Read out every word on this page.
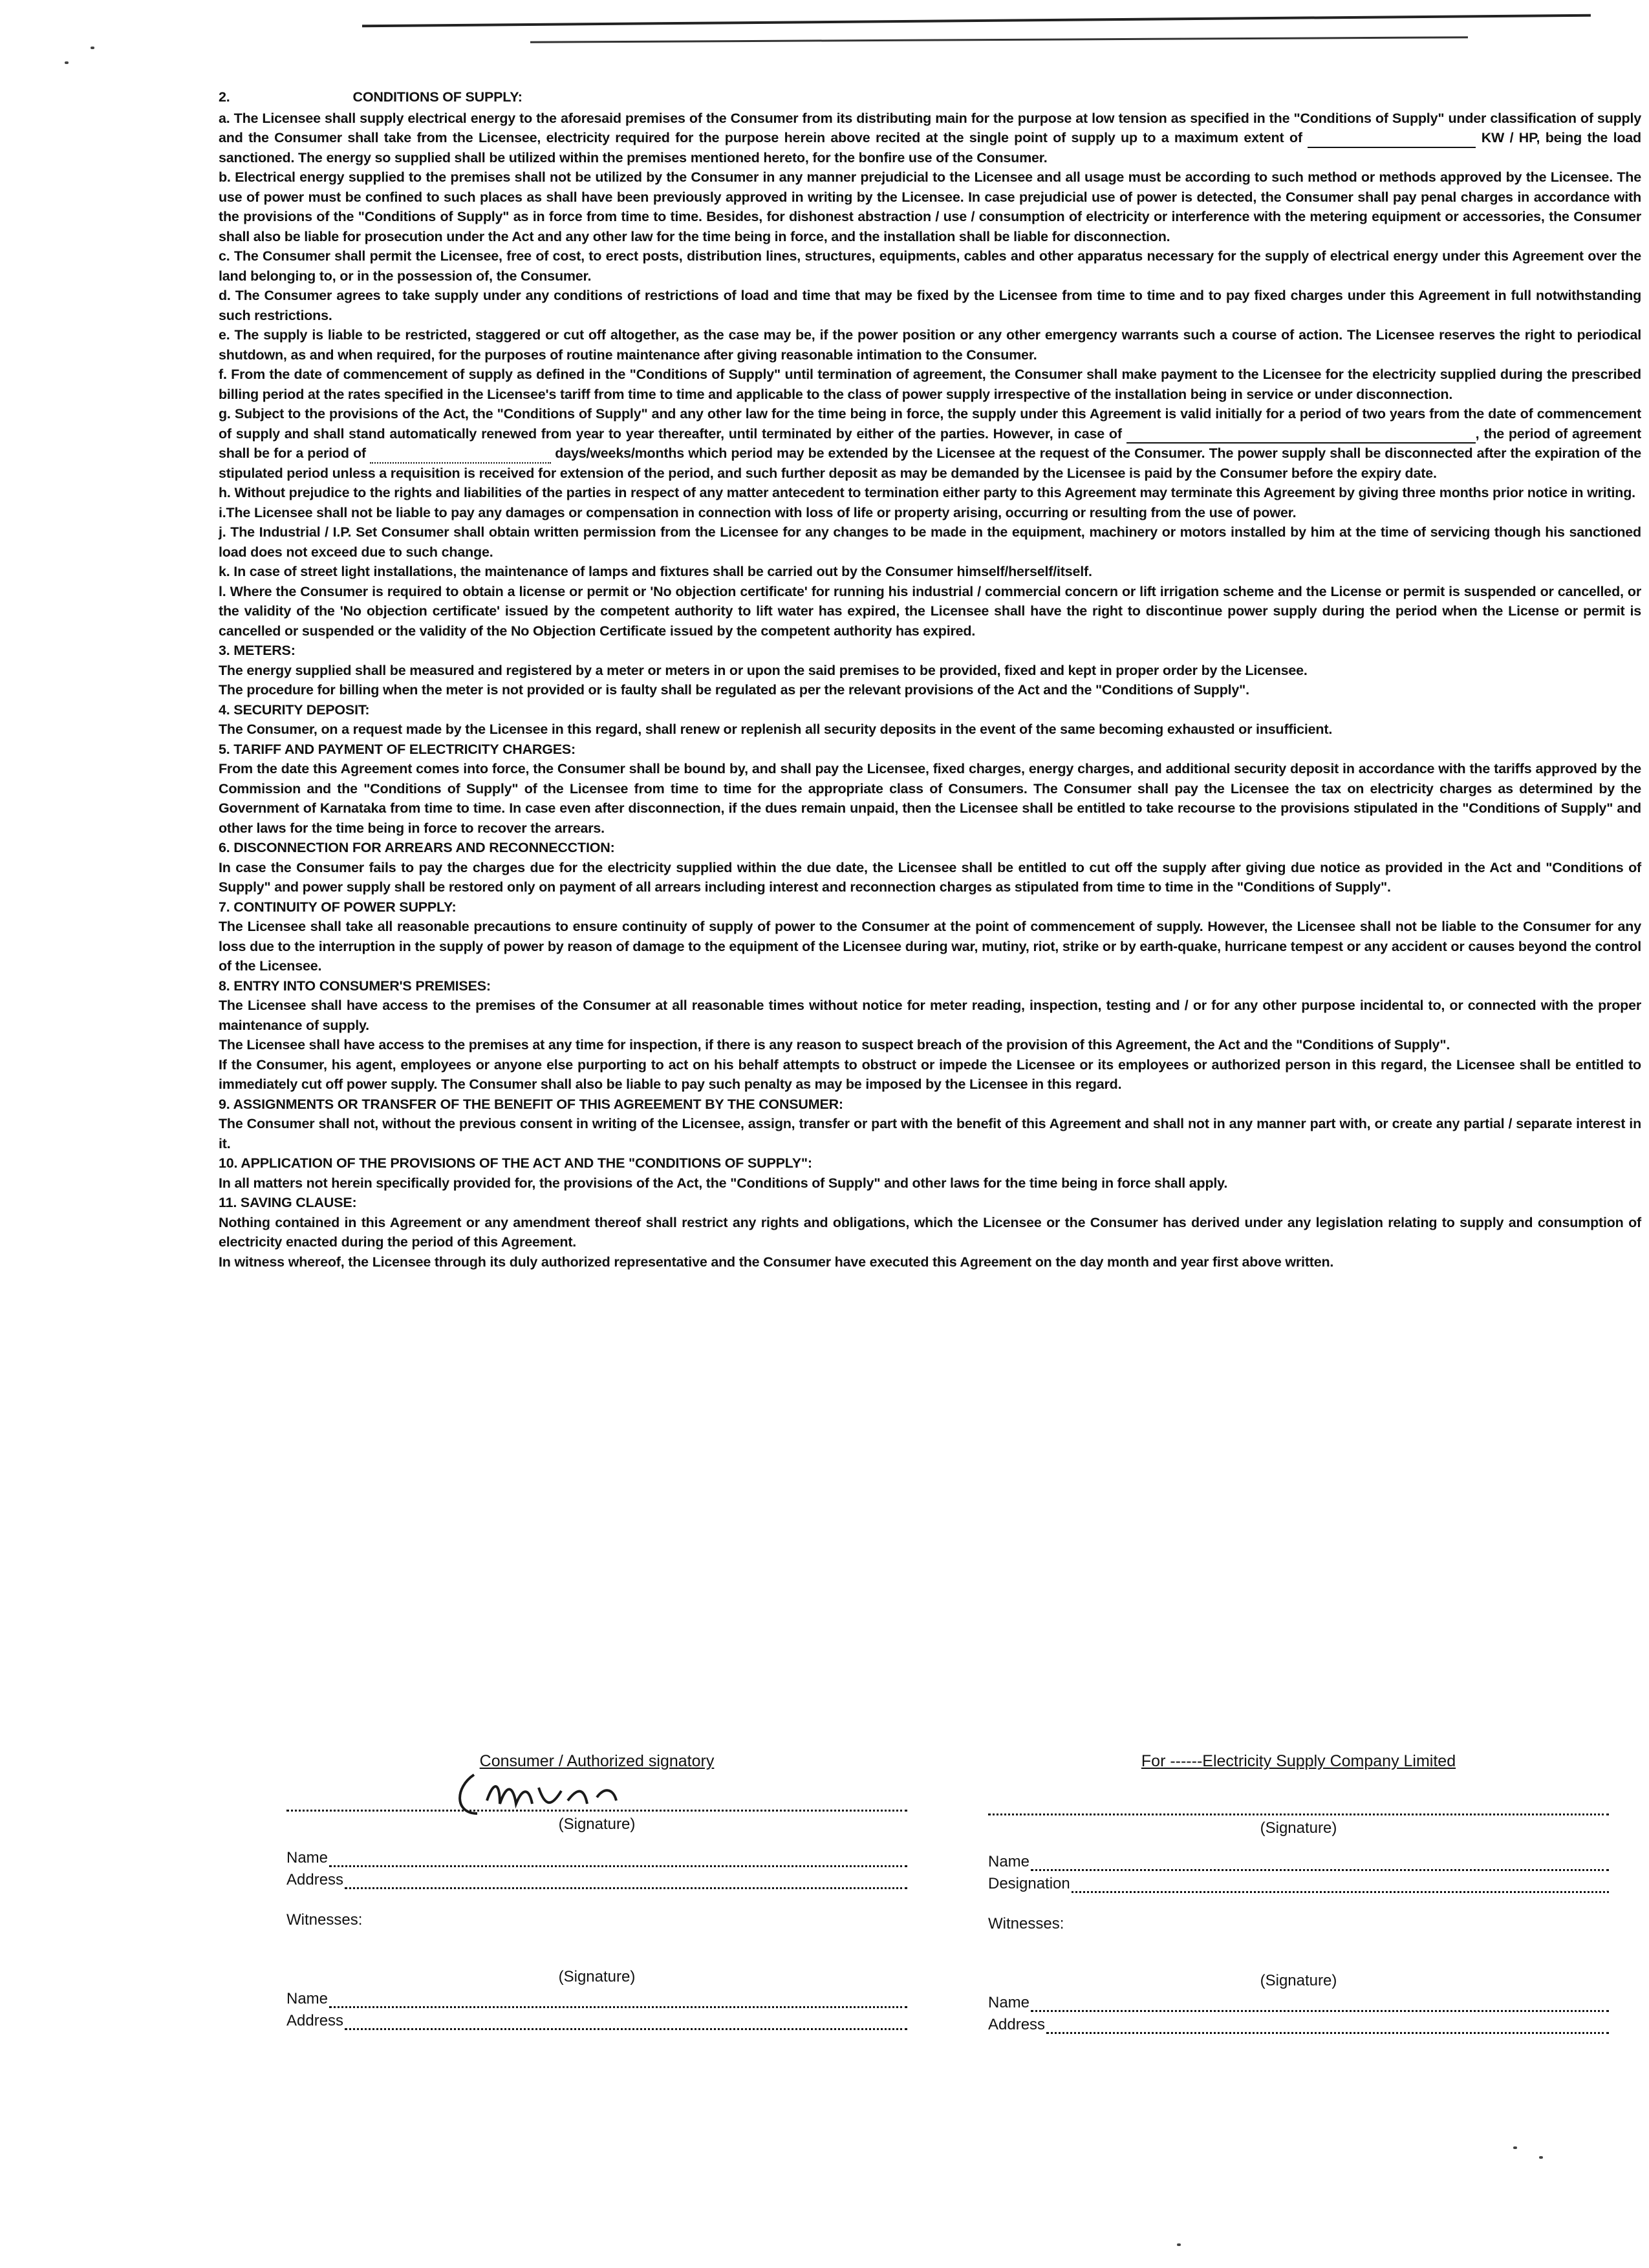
2.	CONDITIONS OF SUPPLY:

a. The Licensee shall supply electrical energy to the aforesaid premises of the Consumer from its distributing main for the purpose at low tension as specified in the "Conditions of Supply" under classification of supply and the Consumer shall take from the Licensee, electricity required for the purpose herein above recited at the single point of supply up to a maximum extent of	KW / HP, being the load sanctioned. The energy so supplied shall be utilized within the premises mentioned hereto, for the bonfire use of the Consumer.

b. Electrical energy supplied to the premises shall not be utilized by the Consumer in any manner prejudicial to the Licensee and all usage must be according to such method or methods approved by the Licensee. The use of power must be confined to such places as shall have been previously approved in writing by the Licensee. In case prejudicial use of power is detected, the Consumer shall pay penal charges in accordance with the provisions of the "Conditions of Supply" as in force from time to time. Besides, for dishonest abstraction / use / consumption of electricity or interference with the metering equipment or accessories, the Consumer shall also be liable for prosecution under the Act and any other law for the time being in force, and the installation shall be liable for disconnection.

c. The Consumer shall permit the Licensee, free of cost, to erect posts, distribution lines, structures, equipments, cables and other apparatus necessary for the supply of electrical energy under this Agreement over the land belonging to, or in the possession of, the Consumer.

d. The Consumer agrees to take supply under any conditions of restrictions of load and time that may be fixed by the Licensee from time to time and to pay fixed charges under this Agreement in full notwithstanding such restrictions.

e. The supply is liable to be restricted, staggered or cut off altogether, as the case may be, if the power position or any other emergency warrants such a course of action. The Licensee reserves the right to periodical shutdown, as and when required, for the purposes of routine maintenance after giving reasonable intimation to the Consumer.

f. From the date of commencement of supply as defined in the "Conditions of Supply" until termination of agreement, the Consumer shall make payment to the Licensee for the electricity supplied during the prescribed billing period at the rates specified in the Licensee's tariff from time to time and applicable to the class of power supply irrespective of the installation being in service or under disconnection.

g. Subject to the provisions of the Act, the "Conditions of Supply" and any other law for the time being in force, the supply under this Agreement is valid initially for a period of two years from the date of commencement of supply and shall stand automatically renewed from year to year thereafter, until terminated by either of the parties. However, in case of	, the period of agreement shall be for a period of	days/weeks/months which period may be extended by the Licensee at the request of the Consumer. The power supply shall be disconnected after the expiration of the stipulated period unless a requisition is received for extension of the period, and such further deposit as may be demanded by the Licensee is paid by the Consumer before the expiry date.

h. Without prejudice to the rights and liabilities of the parties in respect of any matter antecedent to termination either party to this Agreement may terminate this Agreement by giving three months prior notice in writing.

i.The Licensee shall not be liable to pay any damages or compensation in connection with loss of life or property arising, occurring or resulting from the use of power.

j. The Industrial / I.P. Set Consumer shall obtain written permission from the Licensee for any changes to be made in the equipment, machinery or motors installed by him at the time of servicing though his sanctioned load does not exceed due to such change.

k. In case of street light installations, the maintenance of lamps and fixtures shall be carried out by the Consumer himself/herself/itself.

l. Where the Consumer is required to obtain a license or permit or 'No objection certificate' for running his industrial / commercial concern or lift irrigation scheme and the License or permit is suspended or cancelled, or the validity of the 'No objection certificate' issued by the competent authority to lift water has expired, the Licensee shall have the right to discontinue power supply during the period when the License or permit is cancelled or suspended or the validity of the No Objection Certificate issued by the competent authority has expired.

3. METERS:

The energy supplied shall be measured and registered by a meter or meters in or upon the said premises to be provided, fixed and kept in proper order by the Licensee.

The procedure for billing when the meter is not provided or is faulty shall be regulated as per the relevant provisions of the Act and the "Conditions of Supply".

4. SECURITY DEPOSIT:

The Consumer, on a request made by the Licensee in this regard, shall renew or replenish all security deposits in the event of the same becoming exhausted or insufficient.

5. TARIFF AND PAYMENT OF ELECTRICITY CHARGES:

From the date this Agreement comes into force, the Consumer shall be bound by, and shall pay the Licensee, fixed charges, energy charges, and additional security deposit in accordance with the tariffs approved by the Commission and the "Conditions of Supply" of the Licensee from time to time for the appropriate class of Consumers. The Consumer shall pay the Licensee the tax on electricity charges as determined by the Government of Karnataka from time to time. In case even after disconnection, if the dues remain unpaid, then the Licensee shall be entitled to take recourse to the provisions stipulated in the "Conditions of Supply" and other laws for the time being in force to recover the arrears.

6. DISCONNECTION FOR ARREARS AND RECONNECCTION:

In case the Consumer fails to pay the charges due for the electricity supplied within the due date, the Licensee shall be entitled to cut off the supply after giving due notice as provided in the Act and "Conditions of Supply" and power supply shall be restored only on payment of all arrears including interest and reconnection charges as stipulated from time to time in the "Conditions of Supply".

7. CONTINUITY OF POWER SUPPLY:

The Licensee shall take all reasonable precautions to ensure continuity of supply of power to the Consumer at the point of commencement of supply. However, the Licensee shall not be liable to the Consumer for any loss due to the interruption in the supply of power by reason of damage to the equipment of the Licensee during war, mutiny, riot, strike or by earth-quake, hurricane tempest or any accident or causes beyond the control of the Licensee.

8. ENTRY INTO CONSUMER'S PREMISES:

The Licensee shall have access to the premises of the Consumer at all reasonable times without notice for meter reading, inspection, testing and / or for any other purpose incidental to, or connected with the proper maintenance of supply.

The Licensee shall have access to the premises at any time for inspection, if there is any reason to suspect breach of the provision of this Agreement, the Act and the "Conditions of Supply".

If the Consumer, his agent, employees or anyone else purporting to act on his behalf attempts to obstruct or impede the Licensee or its employees or authorized person in this regard, the Licensee shall be entitled to immediately cut off power supply. The Consumer shall also be liable to pay such penalty as may be imposed by the Licensee in this regard.

9. ASSIGNMENTS OR TRANSFER OF THE BENEFIT OF THIS AGREEMENT BY THE CONSUMER:

The Consumer shall not, without the previous consent in writing of the Licensee, assign, transfer or part with the benefit of this Agreement and shall not in any manner part with, or create any partial / separate interest in it.

10. APPLICATION OF THE PROVISIONS OF THE ACT AND THE "CONDITIONS OF SUPPLY":

In all matters not herein specifically provided for, the provisions of the Act, the "Conditions of Supply" and other laws for the time being in force shall apply.

11. SAVING CLAUSE:

Nothing contained in this Agreement or any amendment thereof shall restrict any rights and obligations, which the Licensee or the Consumer has derived under any legislation relating to supply and consumption of electricity enacted during the period of this Agreement.

In witness whereof, the Licensee through its duly authorized representative and the Consumer have executed this Agreement on the day month and year first above written.

Consumer / Authorized signatory
(Signature)
Name
Address
Witnesses:
(Signature)
Name
Address
For ------Electricity Supply Company Limited
(Signature)
Name
Designation
Witnesses:
(Signature)
Name
Address
